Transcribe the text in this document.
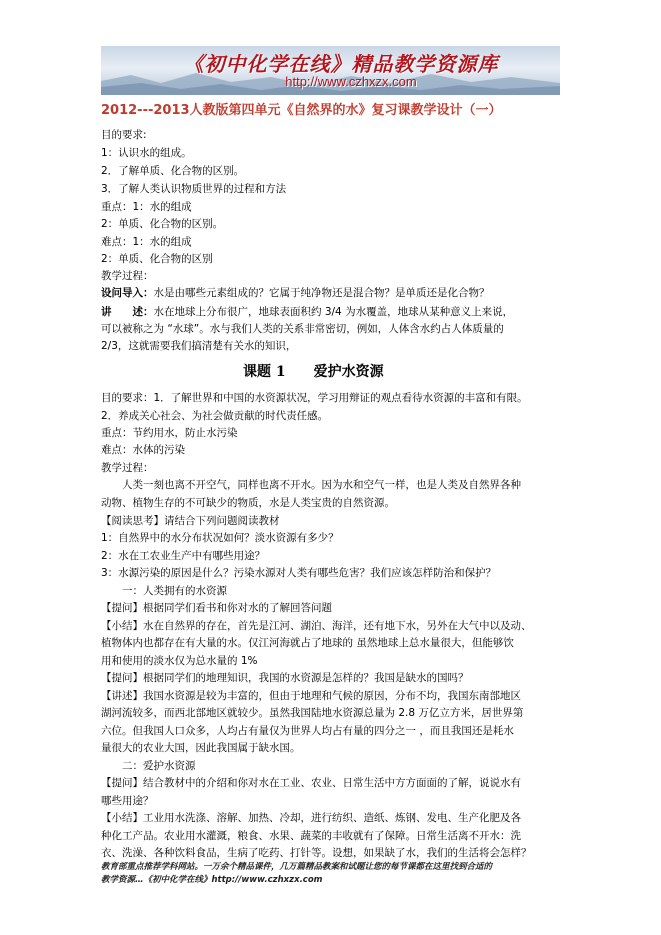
《初中化学在线》精品教学资源库
http://www.czhxzx.com
2012---2013人教版第四单元《自然界的水》复习课教学设计（一）
目的要求:
1：认识水的组成。
2．了解单质、化合物的区别。
3．了解人类认识物质世界的过程和方法
重点：1：水的组成
2：单质、化合物的区别。
难点：1：水的组成
2：单质、化合物的区别
教学过程：
设问导入：水是由哪些元素组成的？它属于纯净物还是混合物？是单质还是化合物？
讲　　述：水在地球上分布很广，地球表面积约 3/4 为水覆盖，地球从某种意义上来说，
可以被称之为 “水球”。水与我们人类的关系非常密切，例如，人体含水约占人体质量的
2/3，这就需要我们搞清楚有关水的知识，
课题 1 爱护水资源
目的要求：1．了解世界和中国的水资源状况，学习用辩证的观点看待水资源的丰富和有限。
2．养成关心社会、为社会做贡献的时代责任感。
重点：节约用水，防止水污染
难点：水体的污染
教学过程：
　　人类一刻也离不开空气，同样也离不开水。因为水和空气一样，也是人类及自然界各种
动物、植物生存的不可缺少的物质，水是人类宝贵的自然资源。
【阅读思考】请结合下列问题阅读教材
1：自然界中的水分布状况如何？淡水资源有多少？
2：水在工农业生产中有哪些用途？
3：水源污染的原因是什么？污染水源对人类有哪些危害？我们应该怎样防治和保护？
　　一：人类拥有的水资源
【提问】根据同学们看书和你对水的了解回答问题
【小结】水在自然界的存在，首先是江河、湖泊、海洋，还有地下水，另外在大气中以及动、
植物体内也都存在有大量的水。仅江河海就占了地球的 虽然地球上总水量很大，但能够饮
用和使用的淡水仅为总水量的 1%
【提问】根据同学们的地理知识，我国的水资源是怎样的？我国是缺水的国吗？
【讲述】我国水资源是较为丰富的，但由于地理和气候的原因，分布不均，我国东南部地区
湖河流较多，而西北部地区就较少。虽然我国陆地水资源总量为 2.8 万亿立方米，居世界第
六位。但我国人口众多，人均占有量仅为世界人均占有量的四分之一 ，而且我国还是耗水
量很大的农业大国，因此我国属于缺水国。
　　二：爱护水资源
【提问】结合教材中的介绍和你对水在工业、农业、日常生活中方方面面的了解，说说水有
哪些用途？
【小结】工业用水洗涤、溶解、加热、冷却，进行纺织、造纸、炼钢、发电、生产化肥及各
种化工产品。农业用水灌溉，粮食、水果、蔬菜的丰收就有了保障。日常生活离不开水：洗
衣、洗澡、各种饮料食品，生病了吃药、打针等。设想，如果缺了水，我们的生活将会怎样？
教育部重点推荐学科网站。一万余个精品课件，几万篇精品教案和试题让您的每节课都在这里找到合适的
教学资源…《初中化学在线》http://www.czhxzx.com
